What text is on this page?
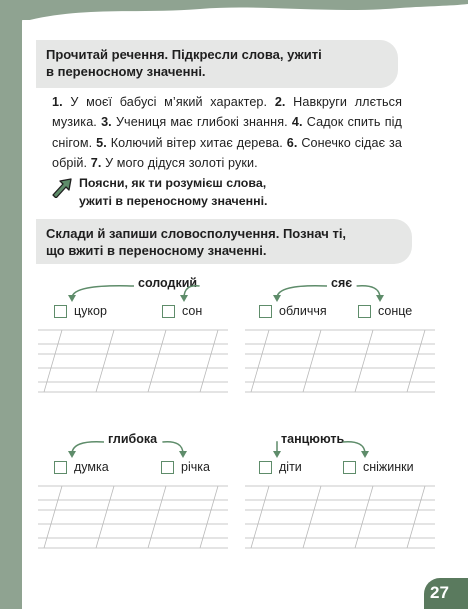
Прочитай речення. Підкресли слова, ужиті
в переносному значенні.
1. У моєї бабусі м’який характер. 2. Навкруги ллється музика. 3. Учениця має глибокі знання. 4. Садок спить під снігом. 5. Колючий вітер хитає дерева. 6. Сонечко сідає за обрій. 7. У мого дідуся золоті руки.
Поясни, як ти розумієш слова,
ужиті в переносному значенні.
Склади й запиши словосполучення. Познач ті,
що вжиті в переносному значенні.
солодкий
цукор	сон
сяє
обличчя	сонце
глибока
думка	річка
танцюють
діти	сніжинки
27
